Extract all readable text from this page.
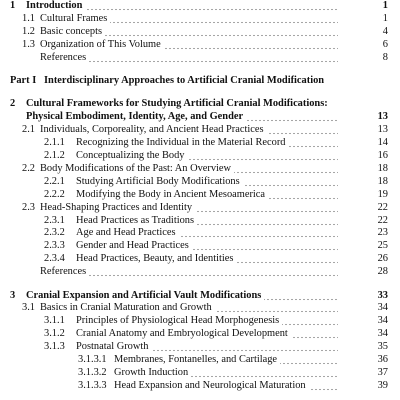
1 Introduction	1
1.1 Cultural Frames	1
1.2 Basic concepts	4
1.3 Organization of This Volume	6
References	8
Part I Interdisciplinary Approaches to Artificial Cranial Modification
2 Cultural Frameworks for Studying Artificial Cranial Modifications:
Physical Embodiment, Identity, Age, and Gender	13
2.1 Individuals, Corporeality, and Ancient Head Practices	13
2.1.1 Recognizing the Individual in the Material Record	14
2.1.2 Conceptualizing the Body	16
2.2 Body Modifications of the Past: An Overview	18
2.2.1 Studying Artificial Body Modifications	18
2.2.2 Modifying the Body in Ancient Mesoamerica	19
2.3 Head-Shaping Practices and Identity	22
2.3.1 Head Practices as Traditions	22
2.3.2 Age and Head Practices	23
2.3.3 Gender and Head Practices	25
2.3.4 Head Practices, Beauty, and Identities	26
References	28
3 Cranial Expansion and Artificial Vault Modifications	33
3.1 Basics in Cranial Maturation and Growth	34
3.1.1 Principles of Physiological Head Morphogenesis	34
3.1.2 Cranial Anatomy and Embryological Development	34
3.1.3 Postnatal Growth	35
3.1.3.1 Membranes, Fontanelles, and Cartilage	36
3.1.3.2 Growth Induction	37
3.1.3.3 Head Expansion and Neurological Maturation	39
